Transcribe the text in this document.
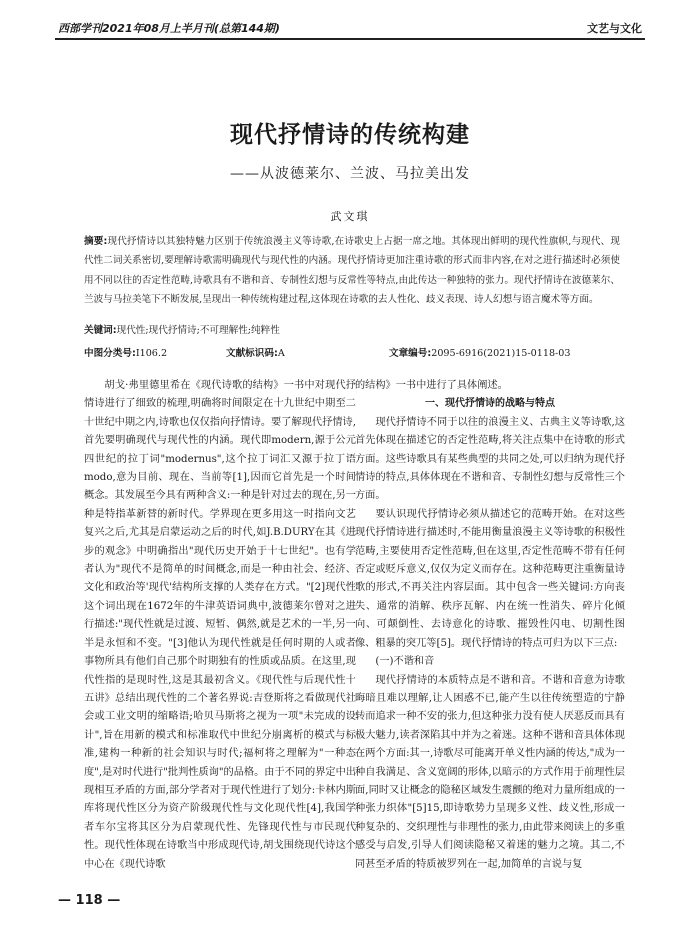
西部学刊2021年08月上半月刊(总第144期)	文艺与文化
现代抒情诗的传统构建
——从波德莱尔、兰波、马拉美出发
武文琪
摘要:现代抒情诗以其独特魅力区别于传统浪漫主义等诗歌,在诗歌史上占据一席之地。其体现出鲜明的现代性旗帜,与现代、现代性二词关系密切,要理解诗歌需明确现代与现代性的内涵。现代抒情诗更加注重诗歌的形式而非内容,在对之进行描述时必须使用不同以往的否定性范畴,诗歌具有不谐和音、专制性幻想与反常性等特点,由此传达一种独特的张力。现代抒情诗在波德莱尔、兰波与马拉美笔下不断发展,呈现出一种传统构建过程,这体现在诗歌的去人性化、歧义表现、诗人幻想与语言魔术等方面。
关键词:现代性;现代抒情诗;不可理解性;纯粹性
中图分类号:I106.2	文献标识码:A	文章编号:2095-6916(2021)15-0118-03

胡戈·弗里德里希在《现代诗歌的结构》一书中对现代抒情诗进行了细致的梳理,明确将时间限定在十九世纪中期至二十世纪中期之内,诗歌也仅仅指向抒情诗。要了解现代抒情诗,首先要明确现代与现代性的内涵。现代即modern,源于公元四世纪的拉丁词"modernus",这个拉丁词汇又源于拉丁语modo,意为目前、现在、当前等[1],因而它首先是一个时间概念。其发展至今具有两种含义:一种是针对过去的现在,另一种是特指革新替的新时代。学界现在更多用这一时指向文艺复兴之后,尤其是启蒙运动之后的时代,如J.B.DURY在其《进步的观念》中明确指出"现代历史开始于十七世纪"。也有学者认为"现代不是简单的时间概念,而是一种由社会、经济、文化和政治等'现代'结构所支撑的人类存在方式。"[2]现代性这个词出现在1672年的牛津英语词典中,波德莱尔曾对之进行描述:"现代性就是过渡、短暂、偶然,就是艺术的一半,另一半是永恒和不变。"[3]他认为现代性就是任何时期的人或者事物所具有他们自己那个时期独有的性质或品质。在这里,现代性指的是现时性,这是其最初含义。《现代性与后现代性十五讲》总结出现代性的二个著名界说:吉登斯将之看做现代社会或工业文明的缩略语;哈贝马斯将之视为一项"未完成的设计",旨在用新的模式和标准取代中世纪分崩离析的模式与标准,建构一种新的社会知识与时代;福柯将之理解为"一种态度",是对时代进行"批判性质询"的品格。由于不同的界定中出现相互矛盾的方面,部分学者对于现代性进行了划分:卡林内斯库将现代性区分为资产阶级现代性与文化现代性[4],我国学者车尔宝将其区分为启蒙现代性、先锋现代性与市民现代性。现代性体现在诗歌当中形成现代诗,胡戈围绕现代诗这个中心在《现代诗歌

的结构》一书中进行了具体阐述。

一、现代抒情诗的战略与特点

现代抒情诗不同于以往的浪漫主义、古典主义等诗歌,这首先体现在描述它的否定性范畴,将关注点集中在诗歌的形式方面。这些诗歌具有某些典型的共同之处,可以归纳为现代抒情诗的特点,具体体现在不谐和音、专制性幻想与反常性三个方面。

要认识现代抒情诗必须从描述它的范畴开始。在对这些现代抒情诗进行描述时,不能用衡量浪漫主义等诗歌的积极性范畴,主要使用否定性范畴,但在这里,否定性范畴不带有任何否定或贬斥意义,仅仅为定义而存在。这种范畴更注重衡量诗歌的形式,不再关注内容层面。其中包含一些关键词:方向丧失、通常的消解、秩序瓦解、内在统一性消失、碎片化倾向、可颠倒性、去诗意化的诗歌、摧毁性闪电、切割性图像、粗暴的突兀等[5]。现代抒情诗的特点可归为以下三点:

(一)不谐和音

现代抒情诗的本质特点是不谐和音。不谐和音意为诗歌晦暗且难以理解,让人困惑不已,能产生以往传统塑造的宁静转而追求一种不安的张力,但这种张力没有使人厌恶反而具有极大魅力,读者深陷其中并为之着迷。这种不谐和音具体体现在两个方面:其一,诗歌尽可能离开单义性内涵的传达,"成为一种自我满足、含义宽阔的形体,以暗示的方式作用于前理性层面,同时又让概念的隐秘区域发生震颤的绝对力量所组成的一种张力织体"[5]15,即诗歌势力呈现多义性、歧义性,形成一种复杂的、交织理性与非理性的张力,由此带来阅读上的多重感受与启发,引导人们阅读隐秘又着迷的魅力之境。其二,不同甚至矛盾的特质被罗列在一起,加简单的言说与复

— 118 —
